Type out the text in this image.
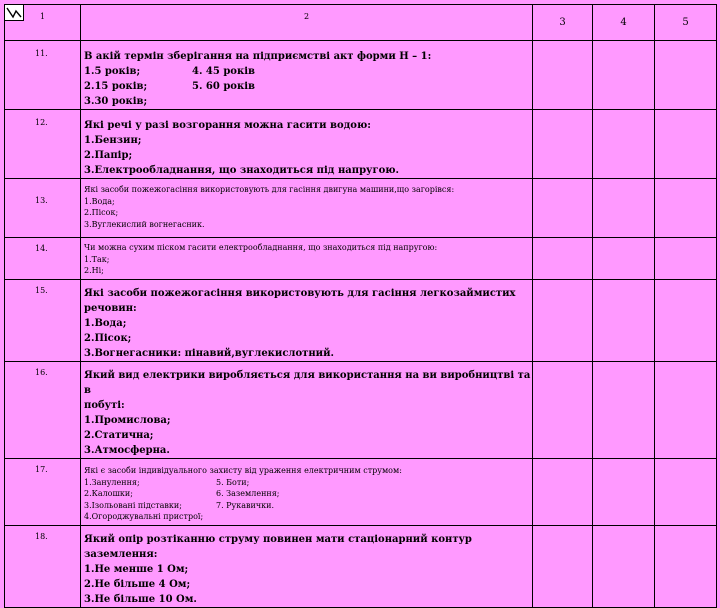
1	2	3	4	5
11.	В акій термін зберігання на підприємстві акт форми Н – 1:
1.5 років; 4. 45 років
2.15 років; 5. 60 років
3.30 років;			

12.	Які речі у разі возгорання можна гасити водою:
1.Бензин;
2.Папір;
3.Електрообладнання, що знаходиться під напругою.			

13.	Які засоби пожежогасіння використовують для гасіння двигуна машини,що загорівся:
1.Вода;
2.Пісок;
3.Вуглекислий вогнегасник.			

14.	Чи можна сухим піском гасити електрообладнання, що знаходиться під напругою:
1.Так;
2.Ні;			

15.	Які засоби пожежогасіння використовують для гасіння легкозаймистих речовин:
1.Вода;
2.Пісок;
3.Вогнегасники: пінавий,вуглекислотний.			

16.	Який вид електрики виробляється для використання на ви виробництві та в
побуті:
1.Промислова;
2.Статична;
3.Атмосферна.			

17.	Які є засоби індивідуального захисту від ураження електричним струмом:
1.Занулення; 5. Боти;
2.Калошки; 6. Заземлення;
3.Ізольовані підставки; 7. Рукавички.
4.Огороджувальні пристрої;			

18.	Який опір розтіканню струму повинен мати стаціонарний контур заземлення:
1.Не менше 1 Ом;
2.Не більше 4 Ом;
3.Не більше 10 Ом.			
